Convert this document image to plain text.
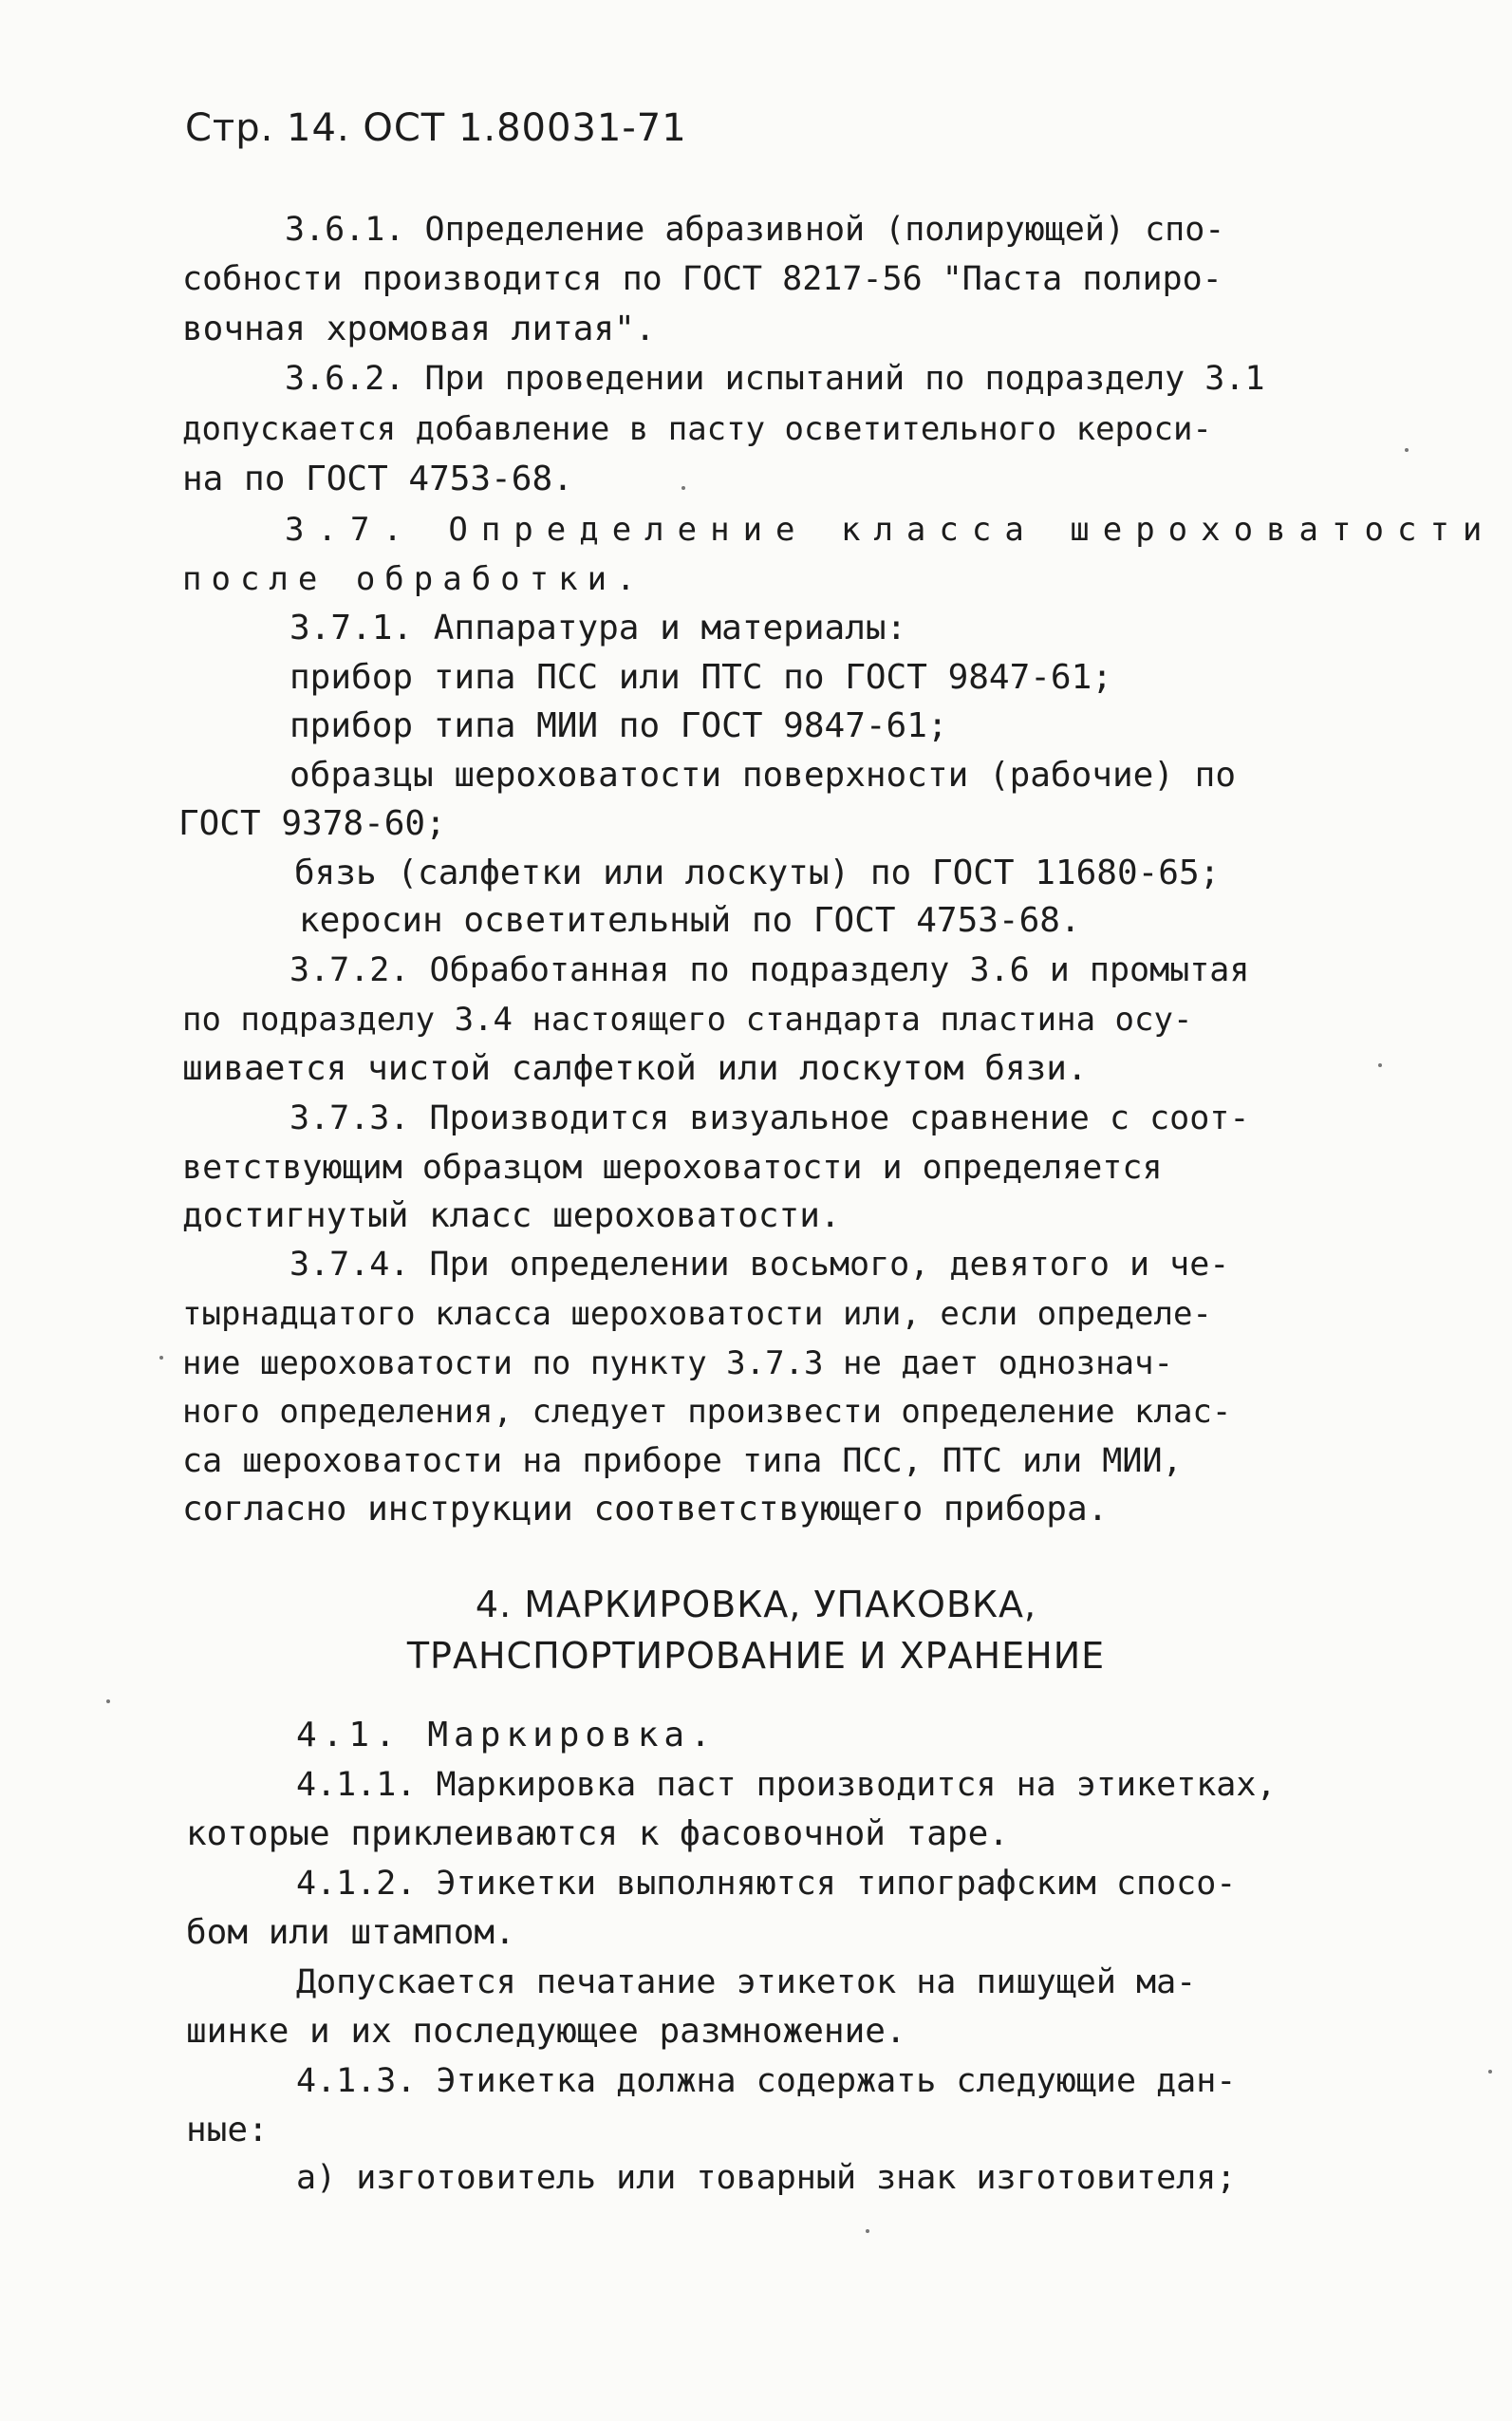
Стр. 14. ОСТ 1.80031-71
3.6.1. Определение абразивной (полирующей) спо-
собности производится по ГОСТ 8217-56 "Паста полиро-
вочная хромовая литая".
3.6.2. При проведении испытаний по подразделу 3.1
допускается добавление в пасту осветительного кероси-
на по ГОСТ 4753-68.
3.7. Определение класса шероховатости
после обработки.
3.7.1. Аппаратура и материалы:
прибор типа ПСС или ПТС по ГОСТ 9847-61;
прибор типа МИИ по ГОСТ 9847-61;
образцы шероховатости поверхности (рабочие) по
ГОСТ 9378-60;
бязь (салфетки или лоскуты) по ГОСТ 11680-65;
керосин осветительный по ГОСТ 4753-68.
3.7.2. Обработанная по подразделу 3.6 и промытая
по подразделу 3.4 настоящего стандарта пластина осу-
шивается чистой салфеткой или лоскутом бязи.
3.7.3. Производится визуальное сравнение с соот-
ветствующим образцом шероховатости и определяется
достигнутый класс шероховатости.
3.7.4. При определении восьмого, девятого и че-
тырнадцатого класса шероховатости или, если определе-
ние шероховатости по пункту 3.7.3 не дает однознач-
ного определения, следует произвести определение клас-
са шероховатости на приборе типа ПСС, ПТС или МИИ,
согласно инструкции соответствующего прибора.
4. МАРКИРОВКА, УПАКОВКА,
ТРАНСПОРТИРОВАНИЕ И ХРАНЕНИЕ
4.1. Маркировка.
4.1.1. Маркировка паст производится на этикетках,
которые приклеиваются к фасовочной таре.
4.1.2. Этикетки выполняются типографским спосо-
бом или штампом.
Допускается печатание этикеток на пишущей ма-
шинке и их последующее размножение.
4.1.3. Этикетка должна содержать следующие дан-
ные:
а) изготовитель или товарный знак изготовителя;
